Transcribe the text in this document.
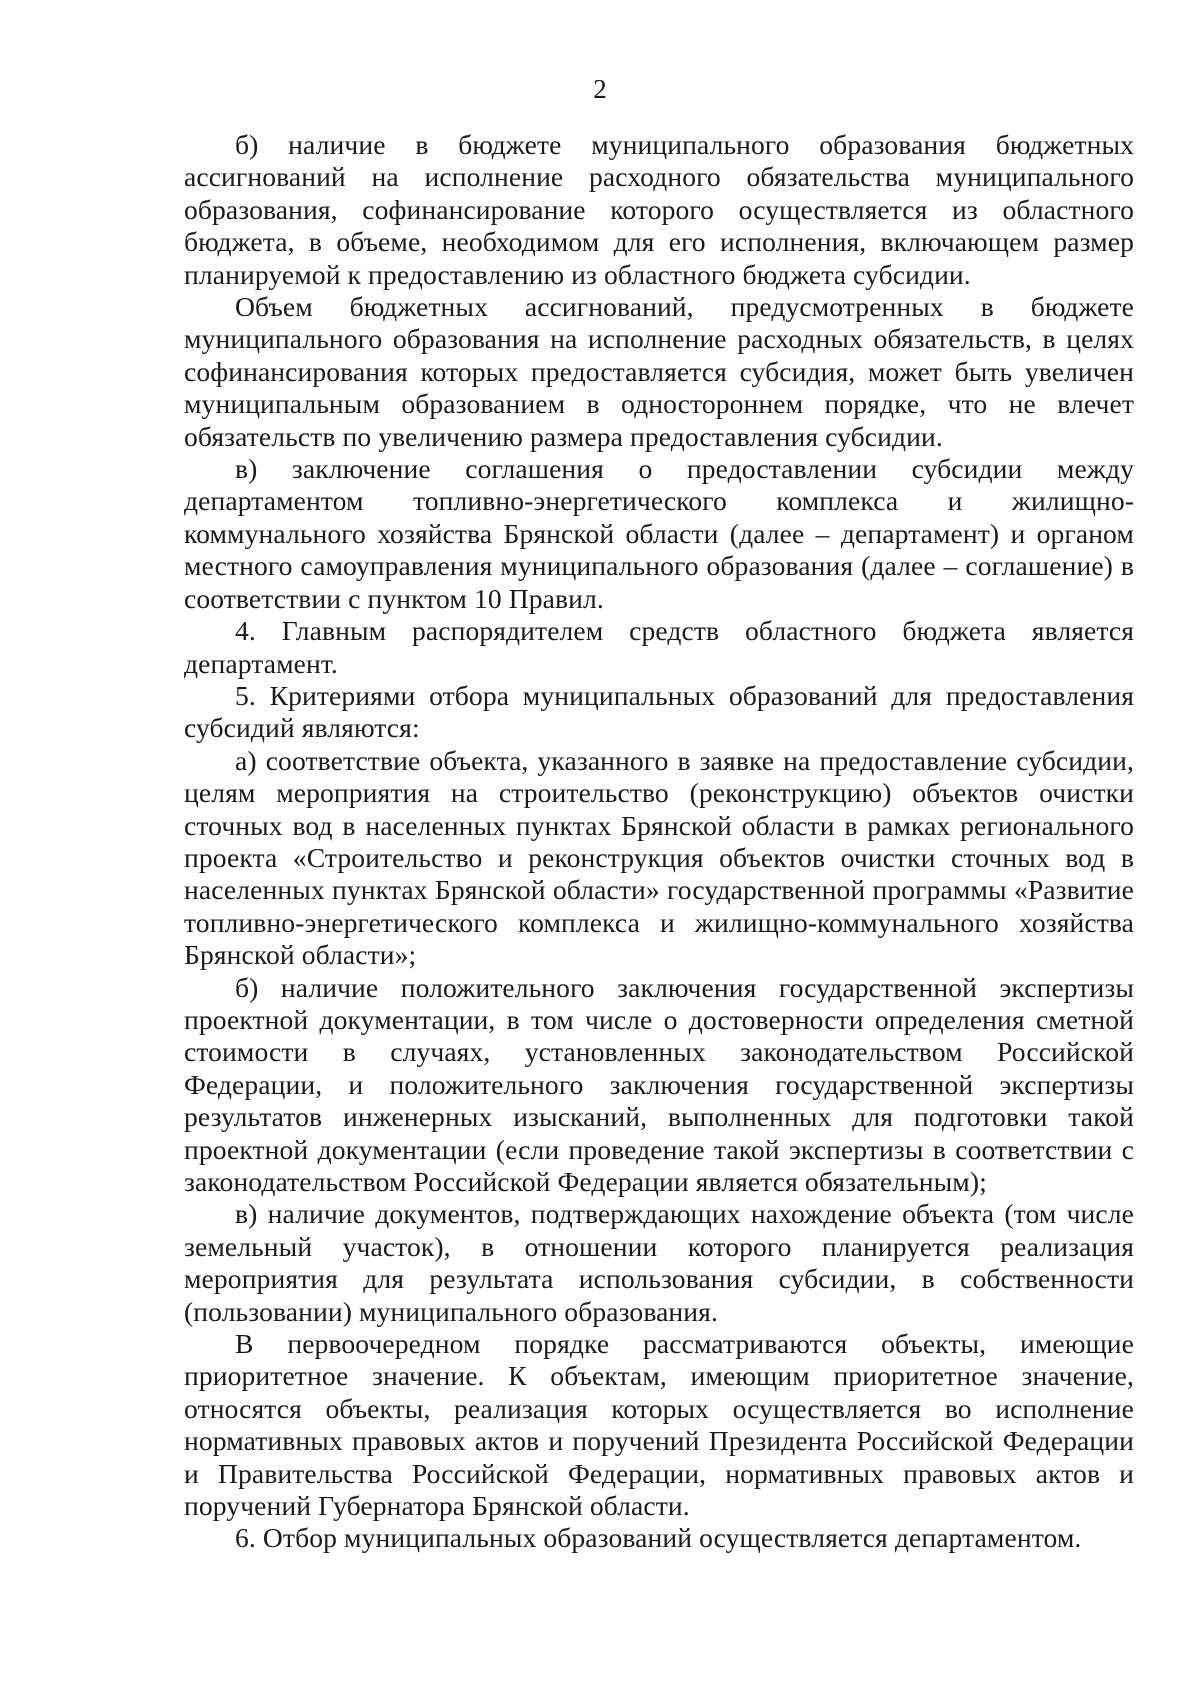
2

б) наличие в бюджете муниципального образования бюджетных ассигнований на исполнение расходного обязательства муниципального образования, софинансирование которого осуществляется из областного бюджета, в объеме, необходимом для его исполнения, включающем размер планируемой к предоставлению из областного бюджета субсидии.

Объем бюджетных ассигнований, предусмотренных в бюджете муниципального образования на исполнение расходных обязательств, в целях софинансирования которых предоставляется субсидия, может быть увеличен муниципальным образованием в одностороннем порядке, что не влечет обязательств по увеличению размера предоставления субсидии.

в) заключение соглашения о предоставлении субсидии между департаментом топливно-энергетического комплекса и жилищно-коммунального хозяйства Брянской области (далее – департамент) и органом местного самоуправления муниципального образования (далее – соглашение) в соответствии с пунктом 10 Правил.

4. Главным распорядителем средств областного бюджета является департамент.

5. Критериями отбора муниципальных образований для предоставления субсидий являются:

а) соответствие объекта, указанного в заявке на предоставление субсидии, целям мероприятия на строительство (реконструкцию) объектов очистки сточных вод в населенных пунктах Брянской области в рамках регионального проекта «Строительство и реконструкция объектов очистки сточных вод в населенных пунктах Брянской области» государственной программы «Развитие топливно-энергетического комплекса и жилищно-коммунального хозяйства Брянской области»;

б) наличие положительного заключения государственной экспертизы проектной документации, в том числе о достоверности определения сметной стоимости в случаях, установленных законодательством Российской Федерации, и положительного заключения государственной экспертизы результатов инженерных изысканий, выполненных для подготовки такой проектной документации (если проведение такой экспертизы в соответствии с законодательством Российской Федерации является обязательным);

в) наличие документов, подтверждающих нахождение объекта (том числе земельный участок), в отношении которого планируется реализация мероприятия для результата использования субсидии, в собственности (пользовании) муниципального образования.

В первоочередном порядке рассматриваются объекты, имеющие приоритетное значение. К объектам, имеющим приоритетное значение, относятся объекты, реализация которых осуществляется во исполнение нормативных правовых актов и поручений Президента Российской Федерации и Правительства Российской Федерации, нормативных правовых актов и поручений Губернатора Брянской области.

6. Отбор муниципальных образований осуществляется департаментом.
